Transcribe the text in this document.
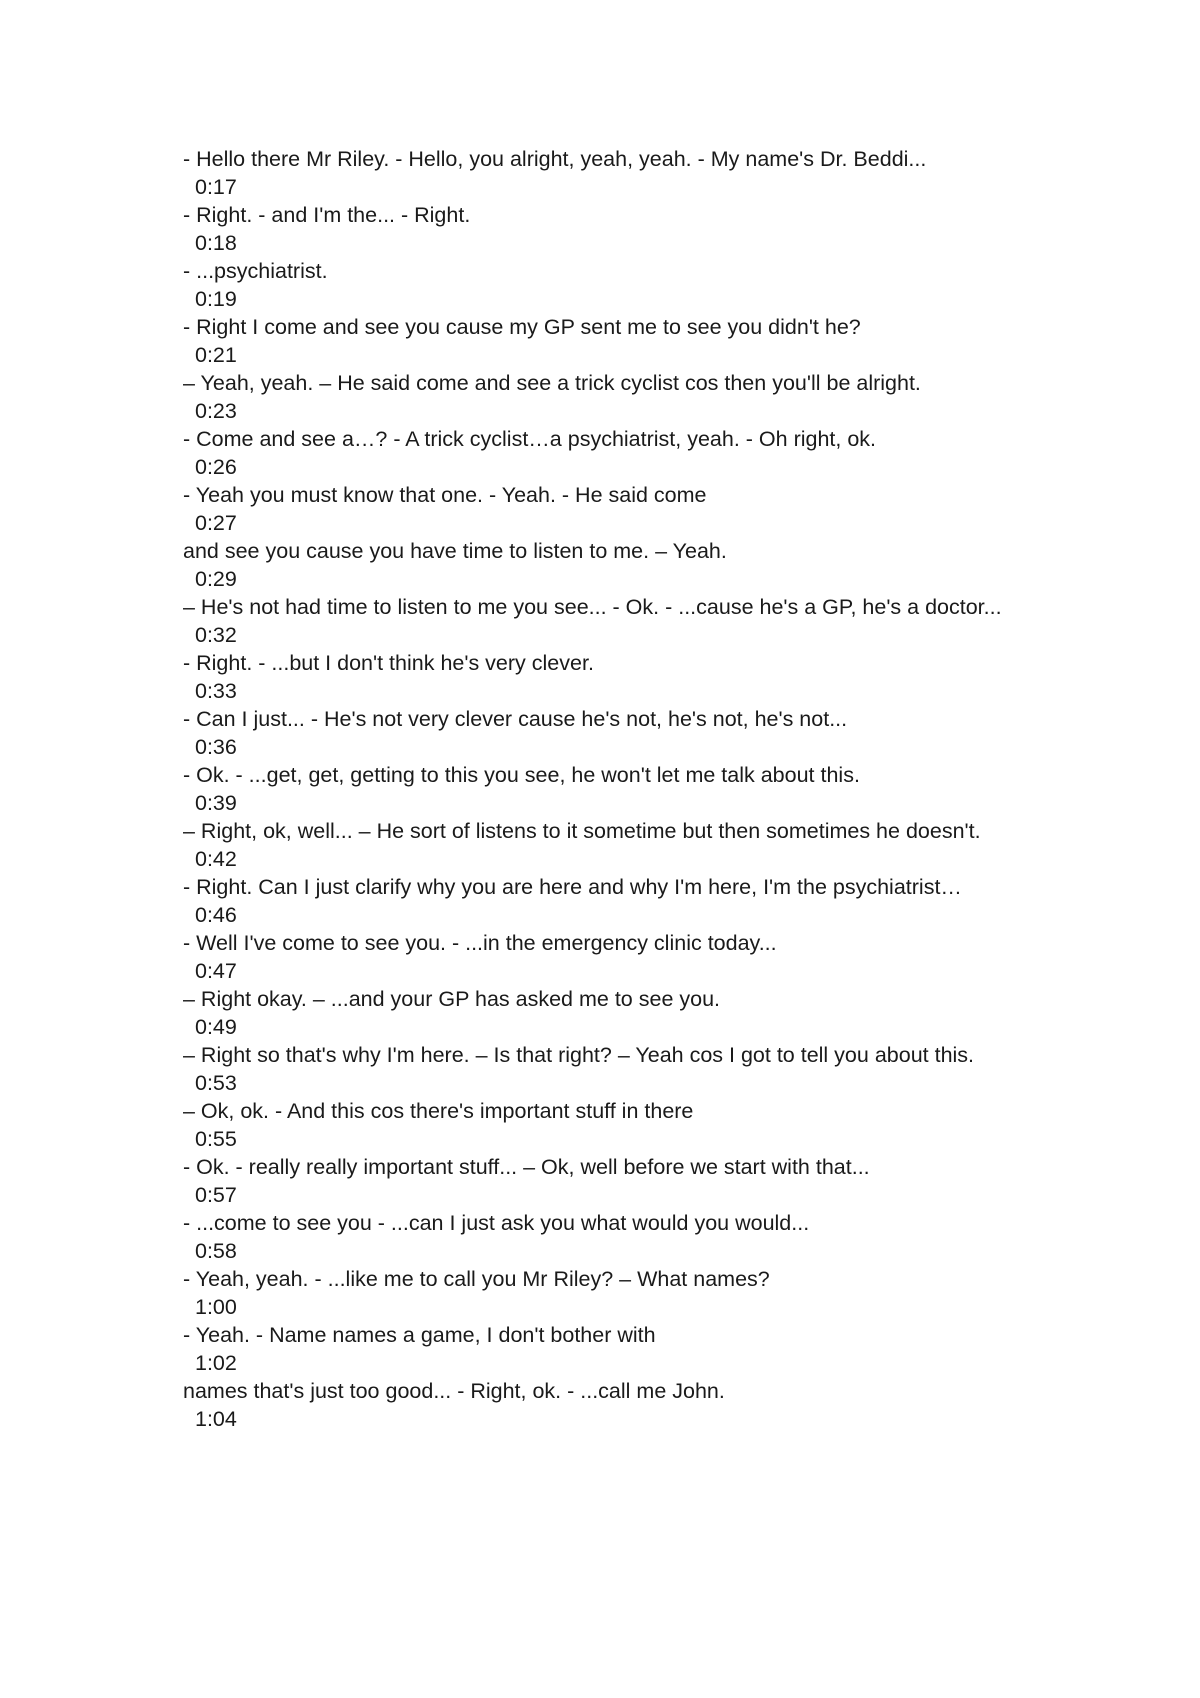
- Hello there Mr Riley. - Hello, you alright, yeah, yeah. - My name's Dr. Beddi...

0:17

- Right. - and I'm the... - Right.

0:18

- ...psychiatrist.

0:19

- Right I come and see you cause my GP sent me to see you didn't he?

0:21

– Yeah, yeah. – He said come and see a trick cyclist cos then you'll be alright.

0:23

- Come and see a…? - A trick cyclist…a psychiatrist, yeah. - Oh right, ok.

0:26

- Yeah you must know that one. - Yeah. - He said come

0:27

and see you cause you have time to listen to me. – Yeah.

0:29

– He's not had time to listen to me you see... - Ok. - ...cause he's a GP, he's a doctor...

0:32

- Right. - ...but I don't think he's very clever.

0:33

- Can I just... - He's not very clever cause he's not, he's not, he's not...

0:36

- Ok. - ...get, get, getting to this you see, he won't let me talk about this.

0:39

– Right, ok, well... – He sort of listens to it sometime but then sometimes he doesn't.

0:42

- Right. Can I just clarify why you are here and why I'm here, I'm the psychiatrist…

0:46

- Well I've come to see you. - ...in the emergency clinic today...

0:47

– Right okay. – ...and your GP has asked me to see you.

0:49

– Right so that's why I'm here. – Is that right? – Yeah cos I got to tell you about this.

0:53

– Ok, ok. - And this cos there's important stuff in there

0:55

- Ok. - really really important stuff... – Ok, well before we start with that...

0:57

- ...come to see you - ...can I just ask you what would you would...

0:58

- Yeah, yeah. - ...like me to call you Mr Riley? – What names?

1:00

- Yeah. - Name names a game, I don't bother with

1:02

names that's just too good... - Right, ok. - ...call me John.

1:04
